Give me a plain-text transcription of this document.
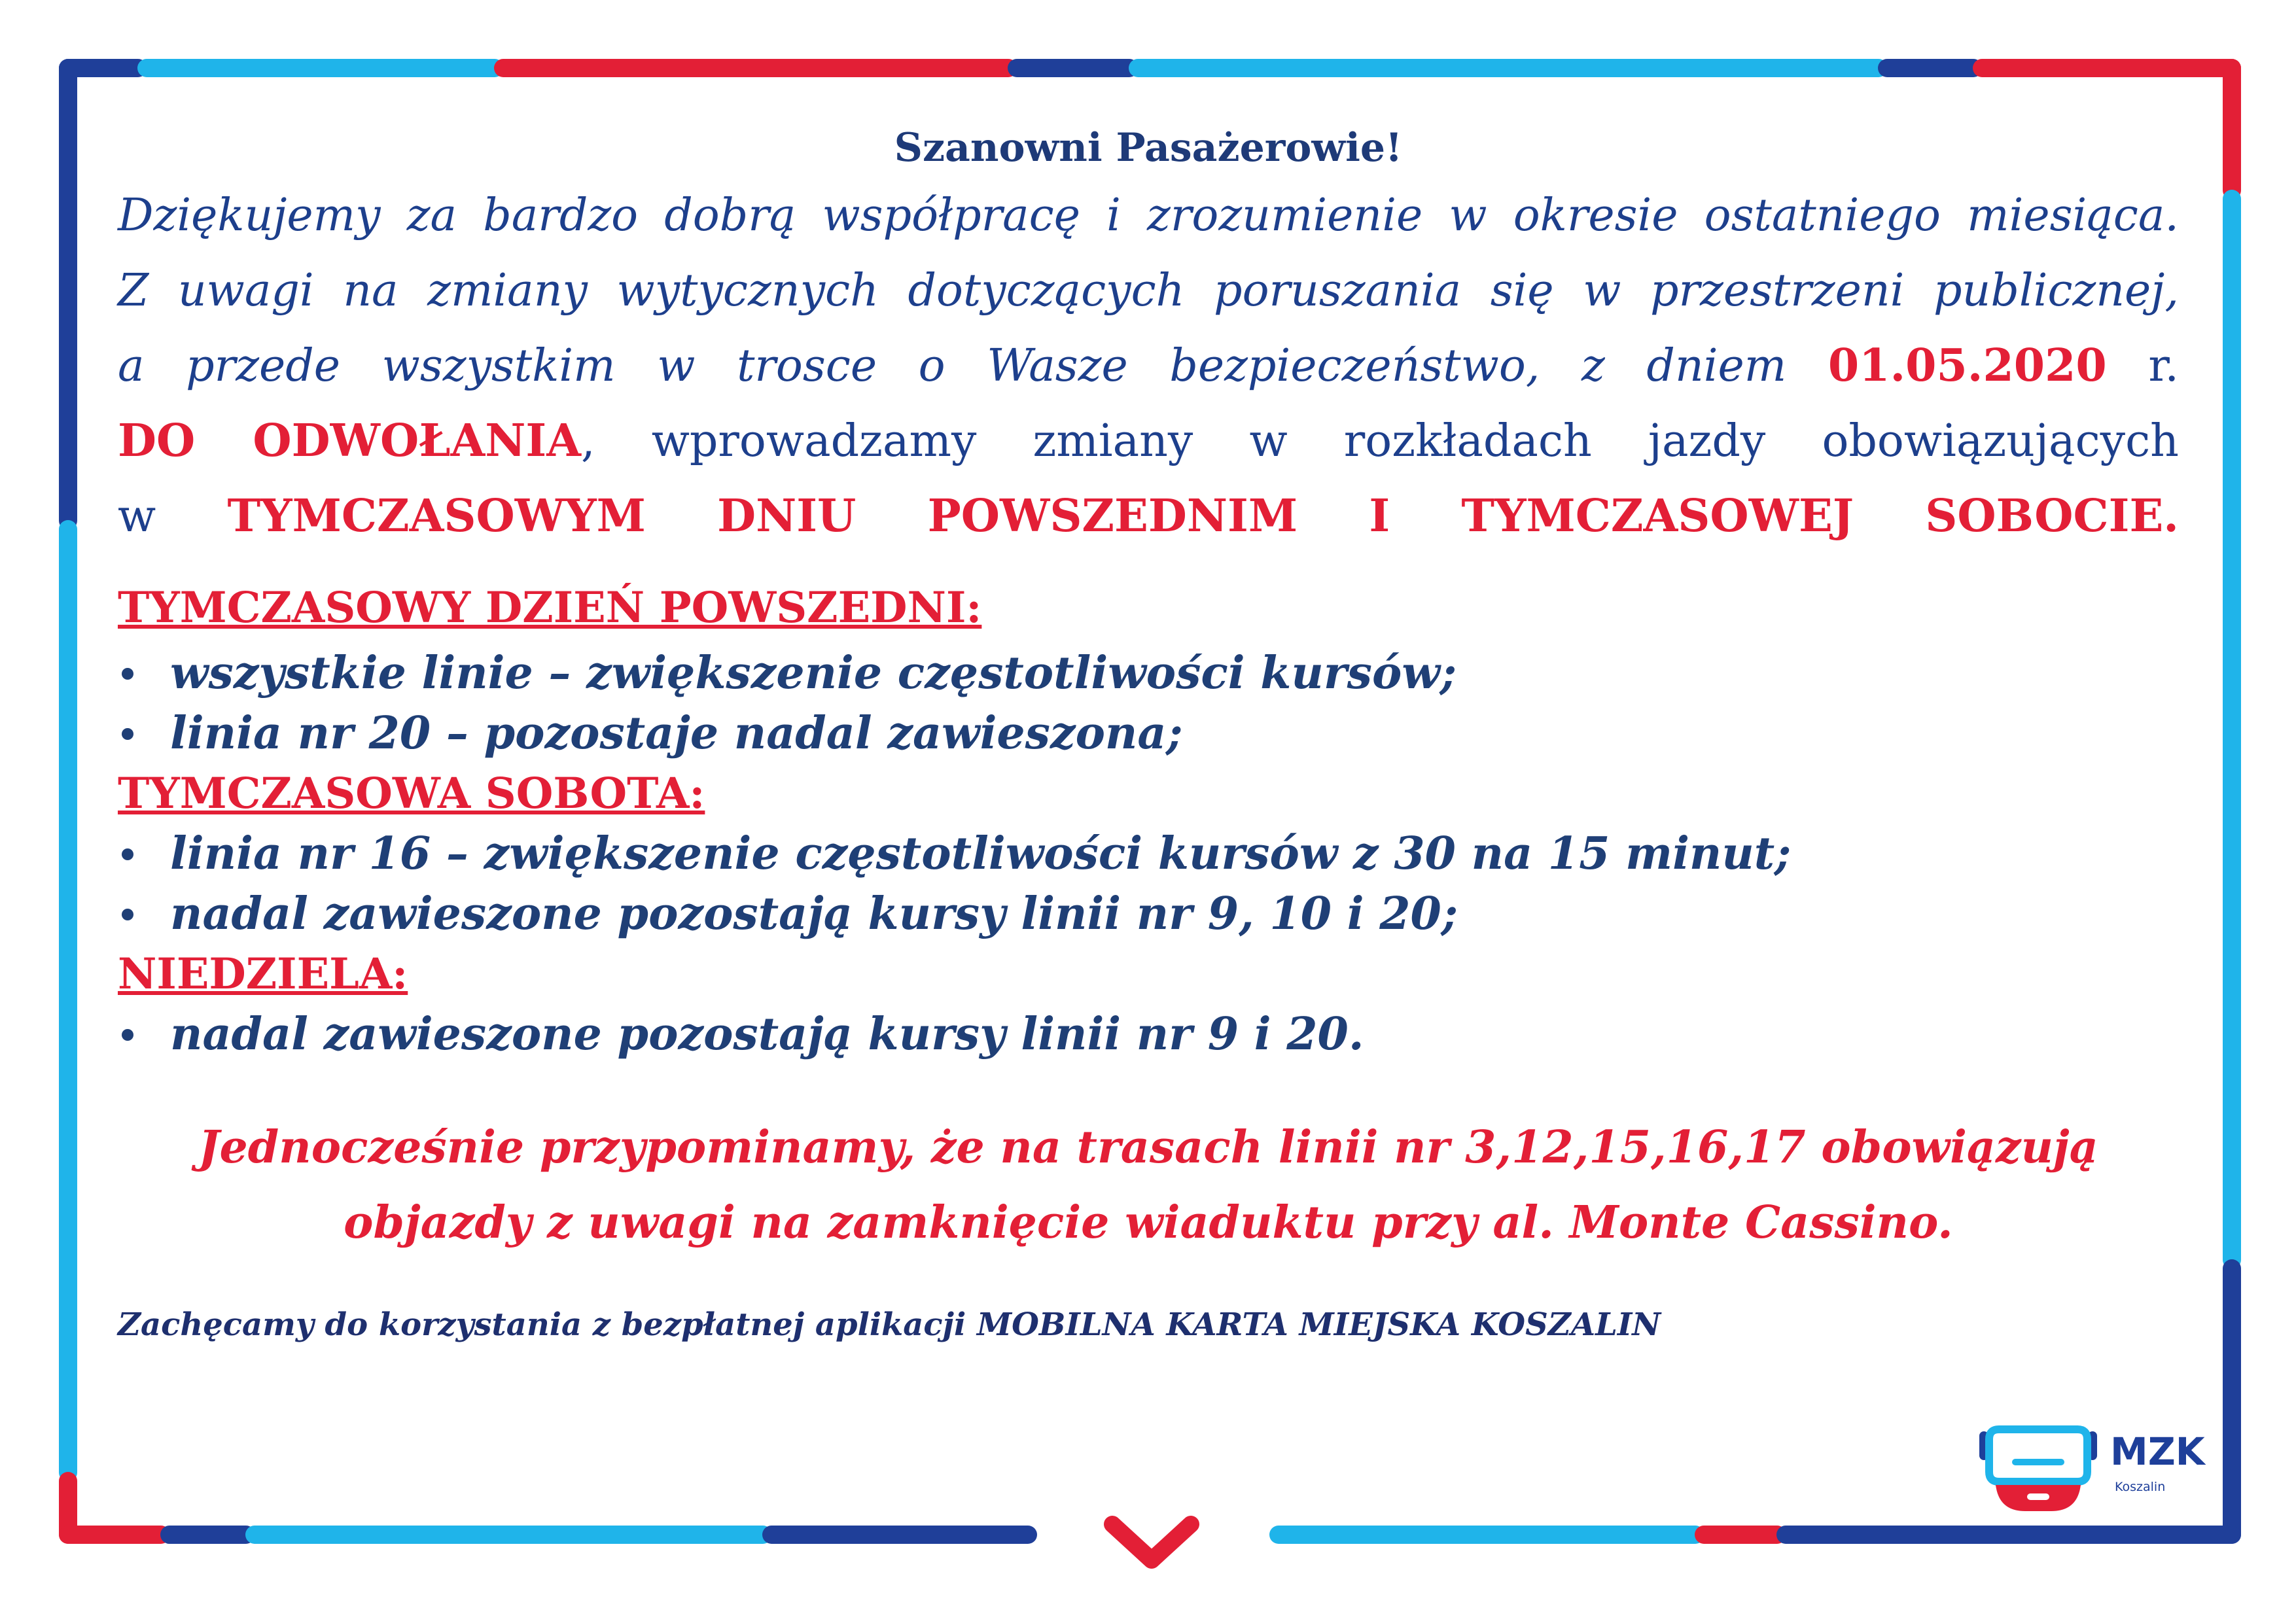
Szanowni Pasażerowie!

Dziękujemy za bardzo dobrą współpracę i zrozumienie w okresie ostatniego miesiąca.

Z uwagi na zmiany wytycznych dotyczących poruszania się w przestrzeni publicznej,

a przede wszystkim w trosce o Wasze bezpieczeństwo, z dniem 01.05.2020 r.

DO ODWOŁANIA, wprowadzamy zmiany w rozkładach jazdy obowiązujących

w TYMCZASOWYM DNIU POWSZEDNIM I TYMCZASOWEJ SOBOCIE.

TYMCZASOWY DZIEŃ POWSZEDNI:

wszystkie linie – zwiększenie częstotliwości kursów;
linia nr 20 – pozostaje nadal zawieszona;

TYMCZASOWA SOBOTA:

linia nr 16 – zwiększenie częstotliwości kursów z 30 na 15 minut;
nadal zawieszone pozostają kursy linii nr 9, 10 i 20;

NIEDZIELA:

nadal zawieszone pozostają kursy linii nr 9 i 20.

Jednocześnie przypominamy, że na trasach linii nr 3,12,15,16,17 obowiązują

objazdy z uwagi na zamknięcie wiaduktu przy al. Monte Cassino.

Zachęcamy do korzystania z bezpłatnej aplikacji MOBILNA KARTA MIEJSKA KOSZALIN

MZK
Koszalin
